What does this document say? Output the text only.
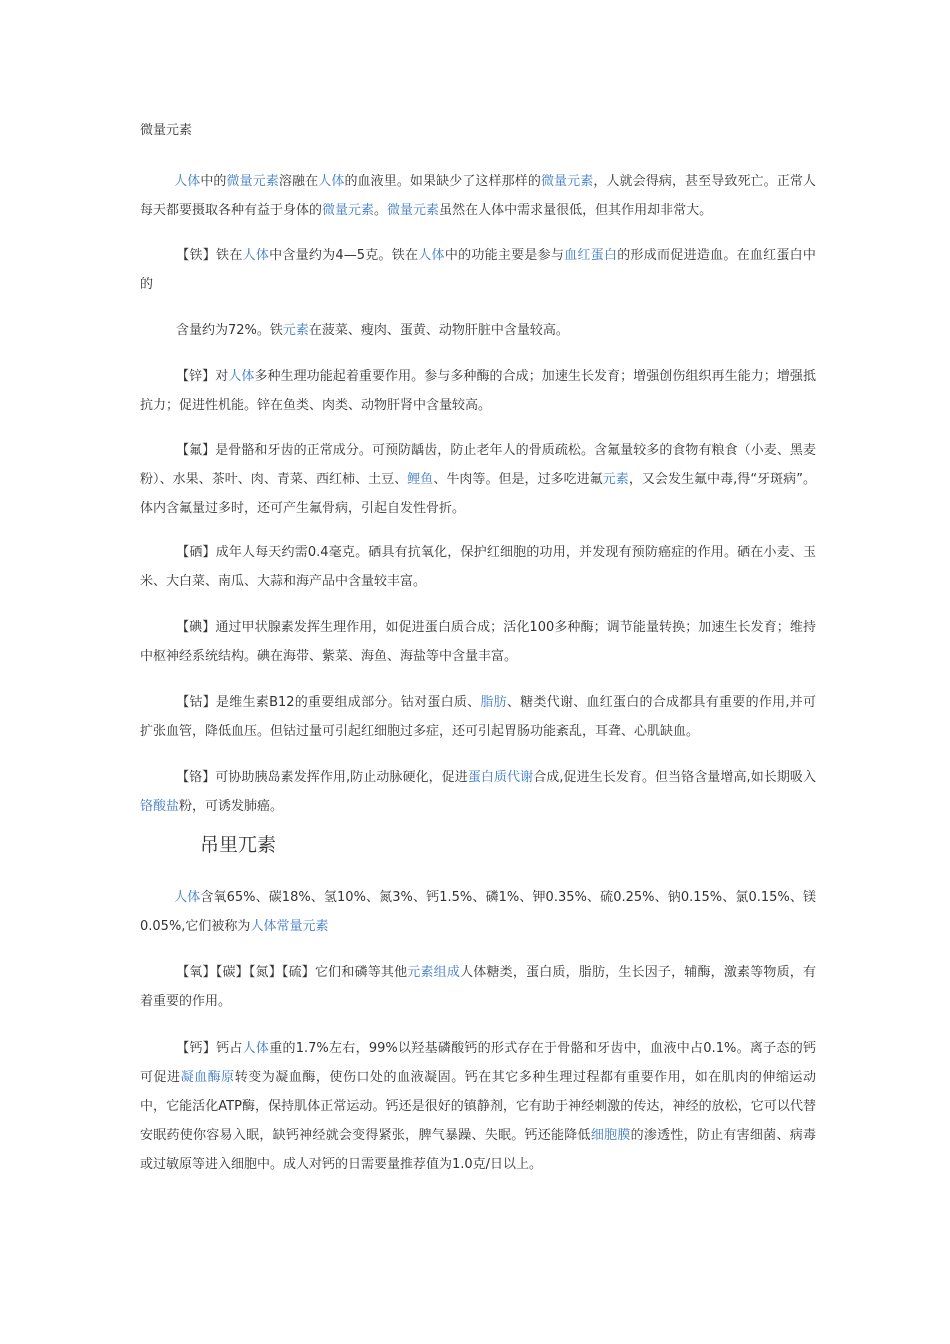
微量元素
人体中的微量元素溶融在人体的血液里。如果缺少了这样那样的微量元素，人就会得病，甚至导致死亡。正常人每天都要摄取各种有益于身体的微量元素。微量元素虽然在人体中需求量很低，但其作用却非常大。
【铁】铁在人体中含量约为4—5克。铁在人体中的功能主要是参与血红蛋白的形成而促进造血。在血红蛋白中的
含量约为72%。铁元素在菠菜、瘦肉、蛋黄、动物肝脏中含量较高。
【锌】对人体多种生理功能起着重要作用。参与多种酶的合成；加速生长发育；增强创伤组织再生能力；增强抵抗力；促进性机能。锌在鱼类、肉类、动物肝肾中含量较高。
【氟】是骨骼和牙齿的正常成分。可预防龋齿，防止老年人的骨质疏松。含氟量较多的食物有粮食（小麦、黑麦粉）、水果、茶叶、肉、青菜、西红柿、土豆、鲤鱼、牛肉等。但是，过多吃进氟元素，又会发生氟中毒,得“牙斑病”。体内含氟量过多时，还可产生氟骨病，引起自发性骨折。
【硒】成年人每天约需0.4毫克。硒具有抗氧化，保护红细胞的功用，并发现有预防癌症的作用。硒在小麦、玉米、大白菜、南瓜、大蒜和海产品中含量较丰富。
【碘】通过甲状腺素发挥生理作用，如促进蛋白质合成；活化100多种酶；调节能量转换；加速生长发育；维持中枢神经系统结构。碘在海带、紫菜、海鱼、海盐等中含量丰富。
【钴】是维生素B12的重要组成部分。钴对蛋白质、脂肪、糖类代谢、血红蛋白的合成都具有重要的作用,并可扩张血管，降低血压。但钴过量可引起红细胞过多症，还可引起胃肠功能紊乱，耳聋、心肌缺血。
【铬】可协助胰岛素发挥作用,防止动脉硬化，促进蛋白质代谢合成,促进生长发育。但当铬含量增高,如长期吸入铬酸盐粉，可诱发肺癌。
吊里兀素
人体含氧65%、碳18%、氢10%、氮3%、钙1.5%、磷1%、钾0.35%、硫0.25%、钠0.15%、氯0.15%、镁0.05%,它们被称为人体常量元素
【氧】【碳】【氮】【硫】它们和磷等其他元素组成人体糖类，蛋白质，脂肪，生长因子，辅酶，激素等物质，有着重要的作用。
【钙】钙占人体重的1.7%左右，99%以羟基磷酸钙的形式存在于骨骼和牙齿中，血液中占0.1%。离子态的钙可促进凝血酶原转变为凝血酶，使伤口处的血液凝固。钙在其它多种生理过程都有重要作用，如在肌肉的伸缩运动中，它能活化ATP酶，保持肌体正常运动。钙还是很好的镇静剂，它有助于神经刺激的传达，神经的放松，它可以代替安眠药使你容易入眠，缺钙神经就会变得紧张，脾气暴躁、失眠。钙还能降低细胞膜的渗透性，防止有害细菌、病毒或过敏原等进入细胞中。成人对钙的日需要量推荐值为1.0克/日以上。
